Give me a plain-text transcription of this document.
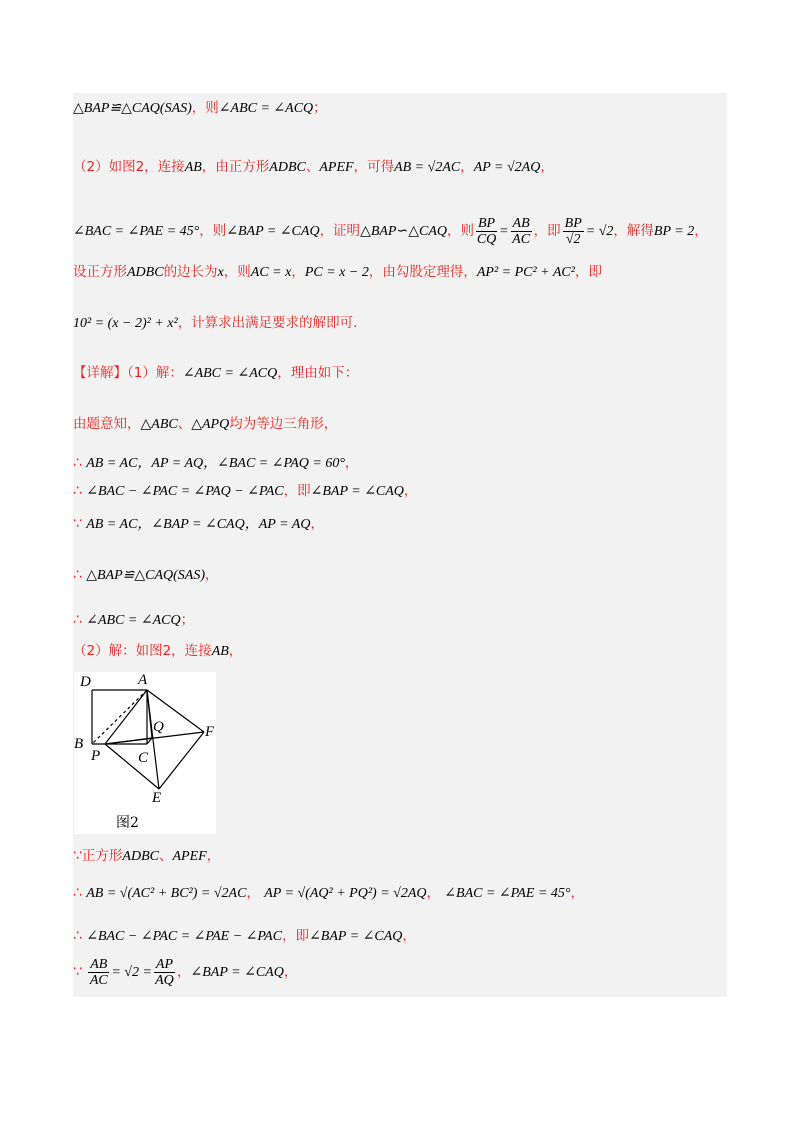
△BAP≌△CAQ(SAS)，则∠ABC = ∠ACQ；
（2）如图2，连接AB，由正方形ADBC、APEF，可得AB = √2AC，AP = √2AQ，
∠BAC = ∠PAE = 45°，则∠BAP = ∠CAQ，证明△BAP∽△CAQ，则 $\frac{BP}{CQ} = \frac{AB}{AC}$ ，即 $\frac{BP}{√2} = √2$，解得BP = 2，
设正方形ADBC的边长为x，则AC = x，PC = x − 2，由勾股定理得，AP² = PC² + AC²，即
10² = (x − 2)² + x²，计算求出满足要求的解即可．
【详解】（1）解：∠ABC = ∠ACQ，理由如下：
由题意知，△ABC、△APQ均为等边三角形，
∴ AB = AC，AP = AQ，∠BAC = ∠PAQ = 60°，
∴ ∠BAC − ∠PAC = ∠PAQ − ∠PAC，即∠BAP = ∠CAQ，
∵ AB = AC，∠BAP = ∠CAQ，AP = AQ，
∴ △BAP≌△CAQ(SAS)，
∴ ∠ABC = ∠ACQ；
（2）解：如图2，连接AB，
D	A
Q	F
B
P	C
E
图2
∵正方形ADBC、APEF，
∴ AB = √(AC² + BC²) = √2AC， AP = √(AQ² + PQ²) = √2AQ， ∠BAC = ∠PAE = 45°，
∴ ∠BAC − ∠PAC = ∠PAE − ∠PAC，即∠BAP = ∠CAQ，
∵ $\frac{AB}{AC} = √2 = \frac{AP}{AQ}$ ，∠BAP = ∠CAQ，
